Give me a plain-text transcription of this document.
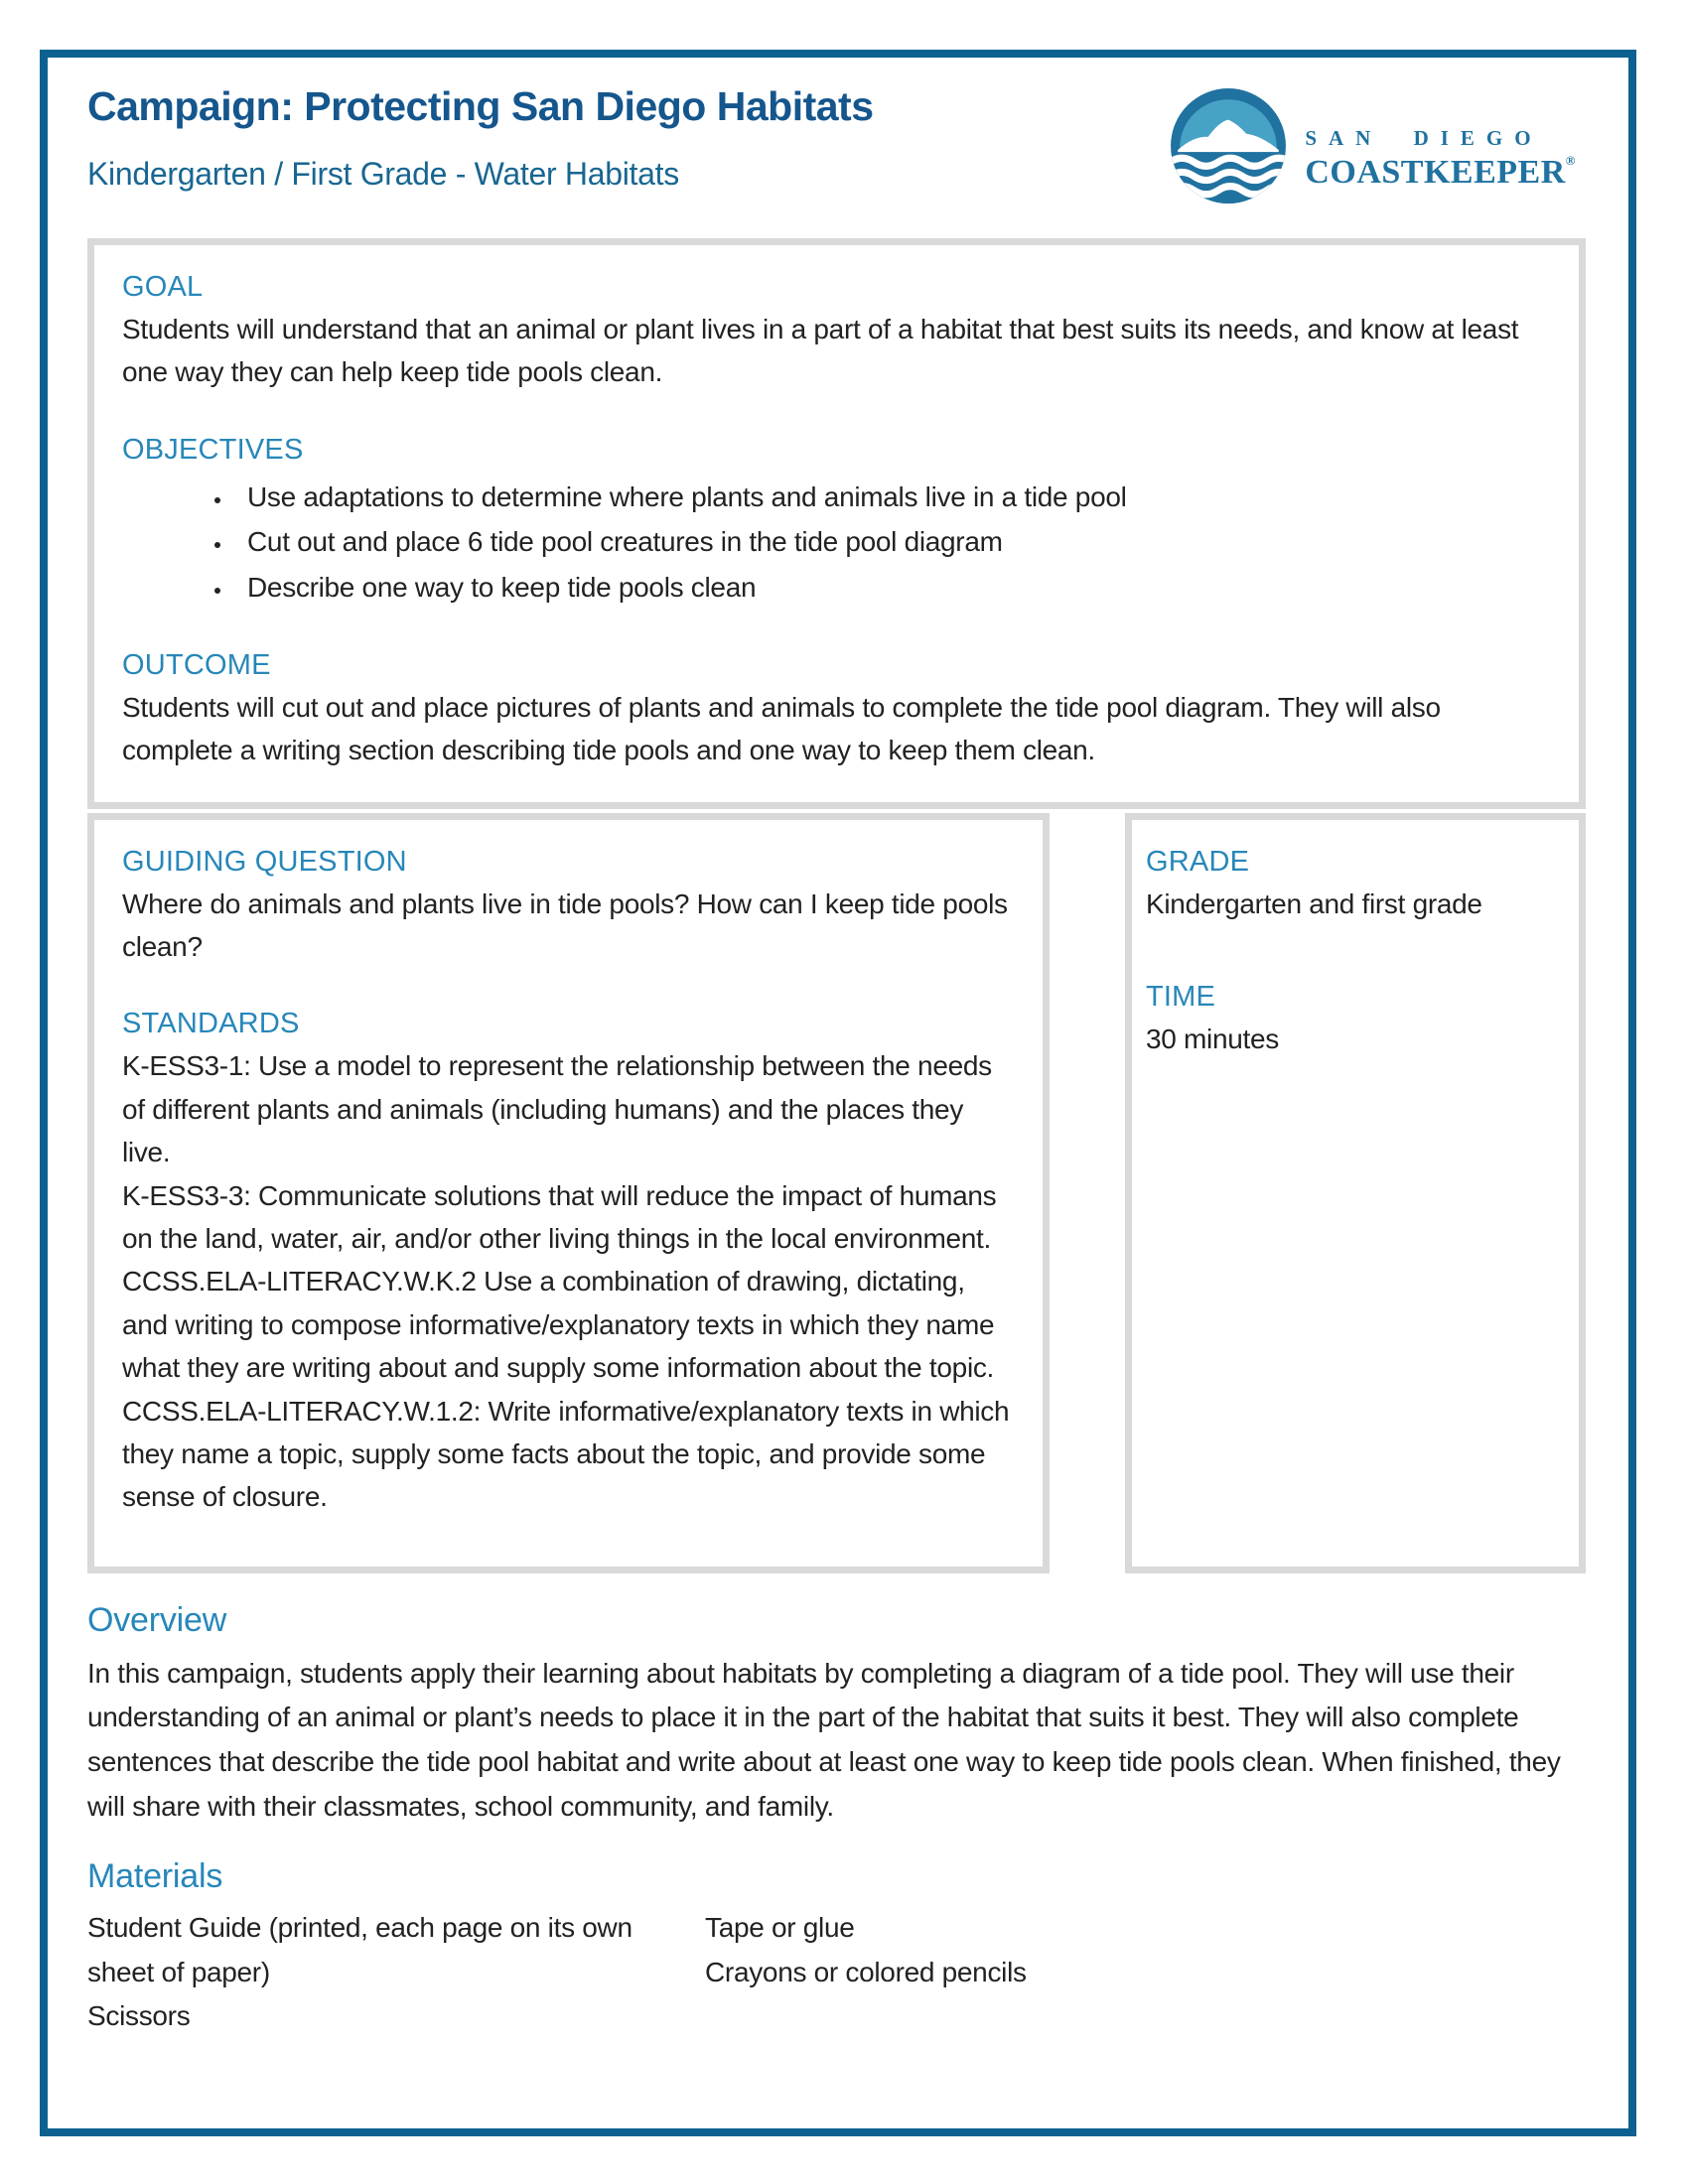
Campaign: Protecting San Diego Habitats
Kindergarten / First Grade - Water Habitats
SAN DIEGO
COASTKEEPER®
GOAL
Students will understand that an animal or plant lives in a part of a habitat that best suits its needs, and know at least one way they can help keep tide pools clean.
OBJECTIVES
• Use adaptations to determine where plants and animals live in a tide pool
• Cut out and place 6 tide pool creatures in the tide pool diagram
• Describe one way to keep tide pools clean
OUTCOME
Students will cut out and place pictures of plants and animals to complete the tide pool diagram. They will also complete a writing section describing tide pools and one way to keep them clean.
GUIDING QUESTION
Where do animals and plants live in tide pools? How can I keep tide pools clean?
STANDARDS
K-ESS3-1: Use a model to represent the relationship between the needs of different plants and animals (including humans) and the places they live.
K-ESS3-3: Communicate solutions that will reduce the impact of humans on the land, water, air, and/or other living things in the local environment.
CCSS.ELA-LITERACY.W.K.2 Use a combination of drawing, dictating, and writing to compose informative/explanatory texts in which they name what they are writing about and supply some information about the topic.
CCSS.ELA-LITERACY.W.1.2: Write informative/explanatory texts in which they name a topic, supply some facts about the topic, and provide some sense of closure.
GRADE
Kindergarten and first grade
TIME
30 minutes
Overview
In this campaign, students apply their learning about habitats by completing a diagram of a tide pool. They will use their understanding of an animal or plant’s needs to place it in the part of the habitat that suits it best. They will also complete sentences that describe the tide pool habitat and write about at least one way to keep tide pools clean. When finished, they will share with their classmates, school community, and family.
Materials
Student Guide (printed, each page on its own sheet of paper)
Scissors
Tape or glue
Crayons or colored pencils
